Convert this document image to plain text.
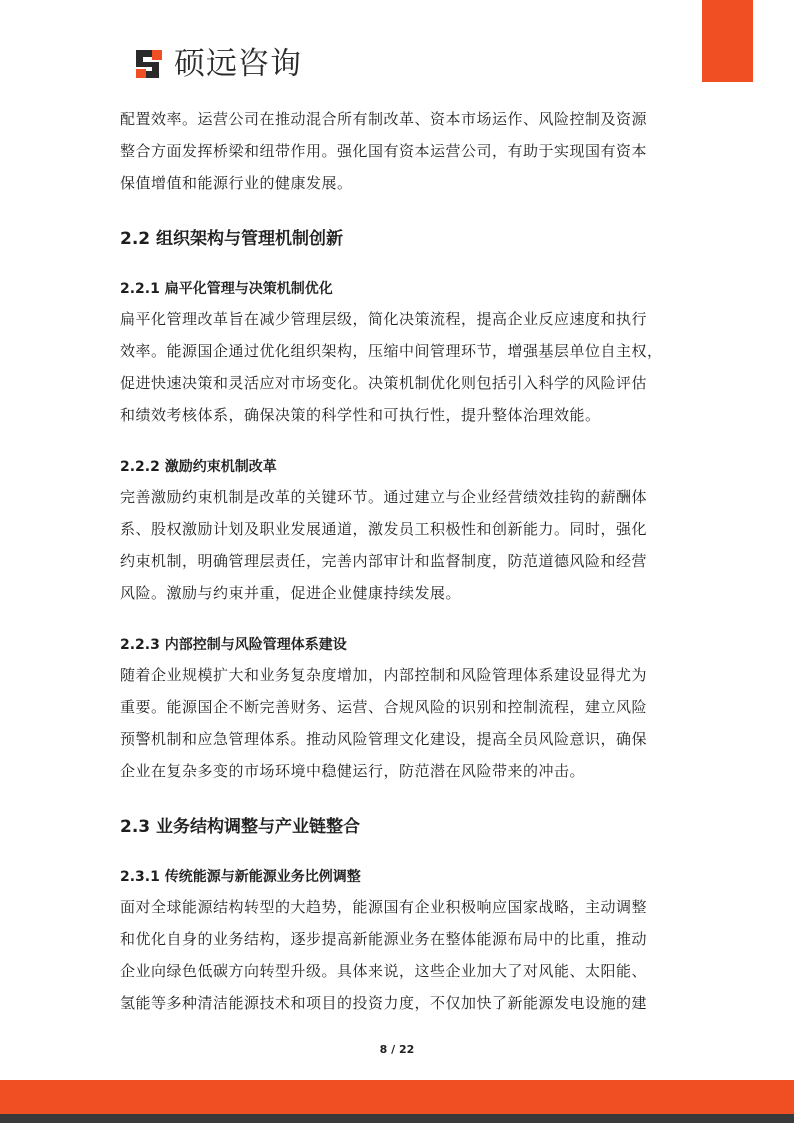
硕远咨询

配置效率。运营公司在推动混合所有制改革、资本市场运作、风险控制及资源

整合方面发挥桥梁和纽带作用。强化国有资本运营公司，有助于实现国有资本

保值增值和能源行业的健康发展。

2.2 组织架构与管理机制创新
2.2.1 扁平化管理与决策机制优化

扁平化管理改革旨在减少管理层级，简化决策流程，提高企业反应速度和执行

效率。能源国企通过优化组织架构，压缩中间管理环节，增强基层单位自主权，

促进快速决策和灵活应对市场变化。决策机制优化则包括引入科学的风险评估

和绩效考核体系，确保决策的科学性和可执行性，提升整体治理效能。

2.2.2 激励约束机制改革

完善激励约束机制是改革的关键环节。通过建立与企业经营绩效挂钩的薪酬体

系、股权激励计划及职业发展通道，激发员工积极性和创新能力。同时，强化

约束机制，明确管理层责任，完善内部审计和监督制度，防范道德风险和经营

风险。激励与约束并重，促进企业健康持续发展。

2.2.3 内部控制与风险管理体系建设

随着企业规模扩大和业务复杂度增加，内部控制和风险管理体系建设显得尤为

重要。能源国企不断完善财务、运营、合规风险的识别和控制流程，建立风险

预警机制和应急管理体系。推动风险管理文化建设，提高全员风险意识，确保

企业在复杂多变的市场环境中稳健运行，防范潜在风险带来的冲击。

2.3 业务结构调整与产业链整合
2.3.1 传统能源与新能源业务比例调整

面对全球能源结构转型的大趋势，能源国有企业积极响应国家战略，主动调整

和优化自身的业务结构，逐步提高新能源业务在整体能源布局中的比重，推动

企业向绿色低碳方向转型升级。具体来说，这些企业加大了对风能、太阳能、

氢能等多种清洁能源技术和项目的投资力度，不仅加快了新能源发电设施的建

8 / 22
